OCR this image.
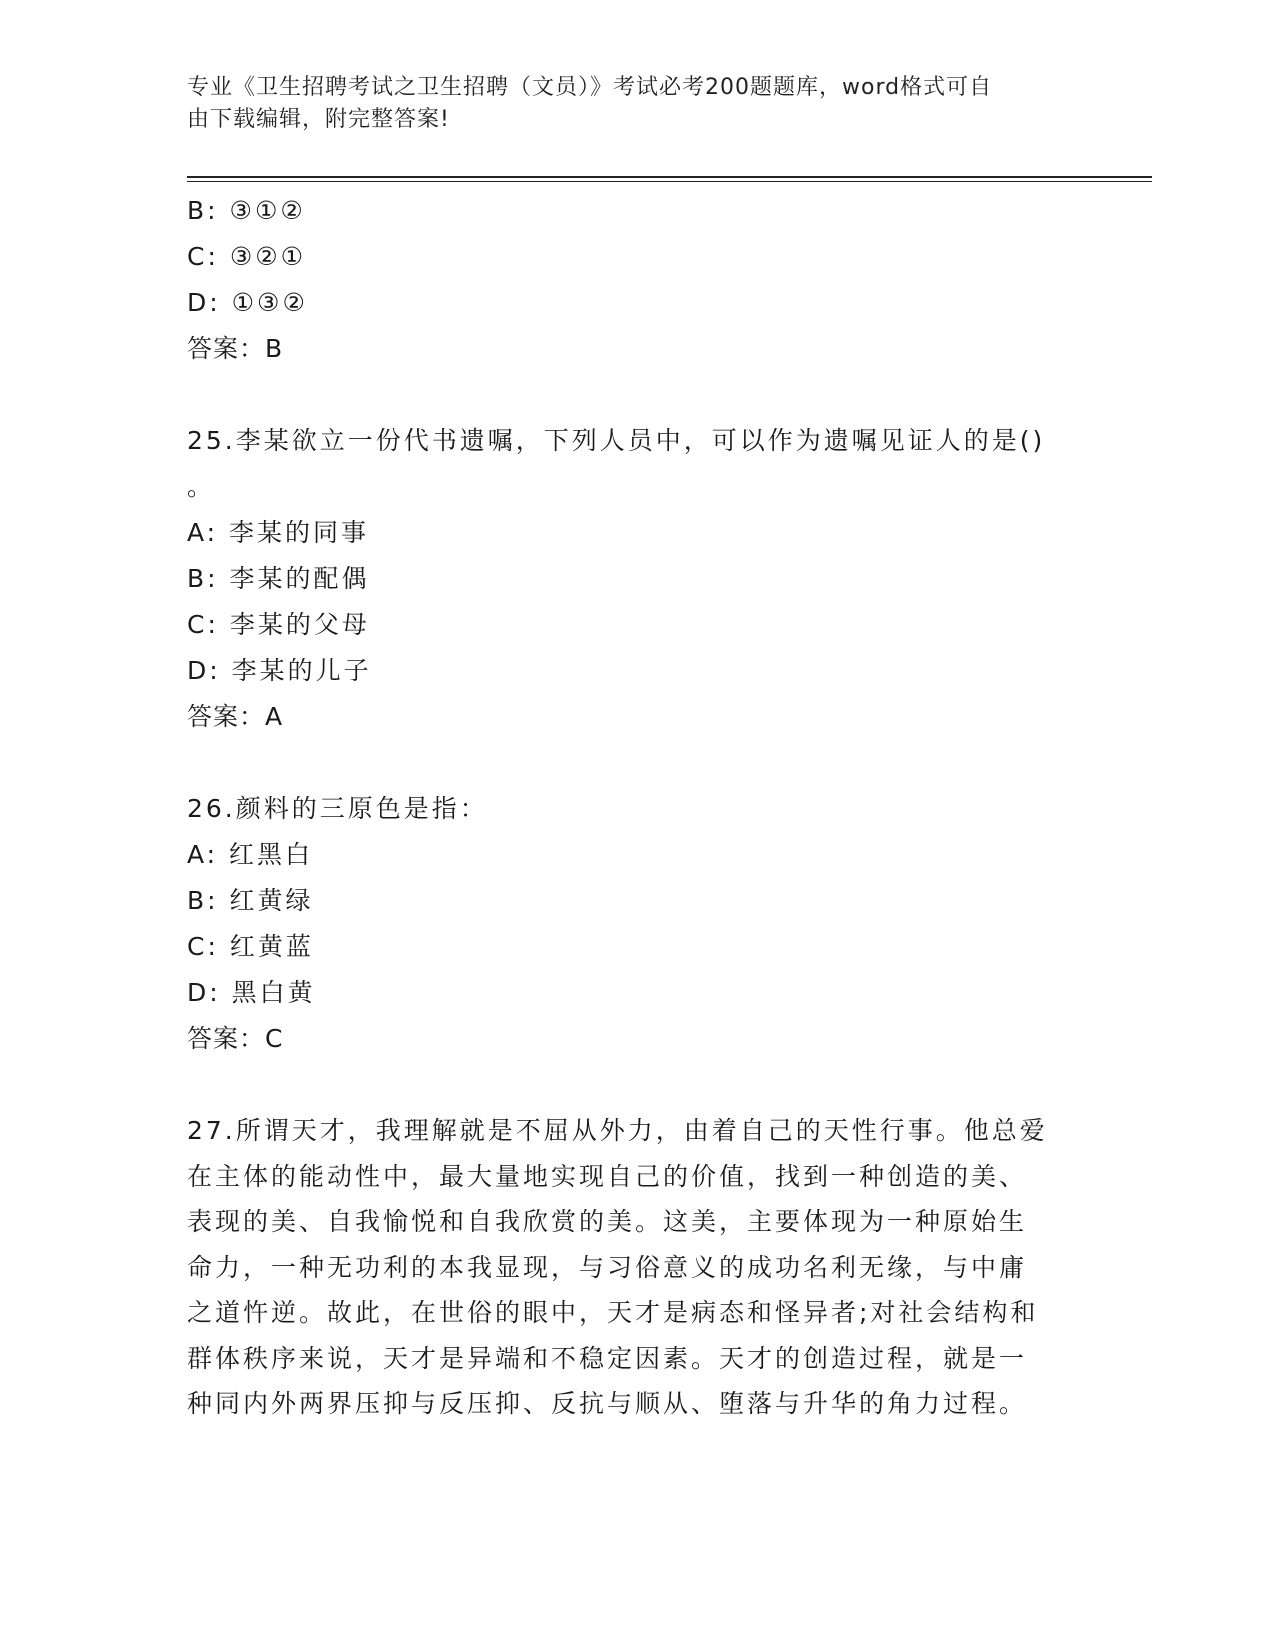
专业《卫生招聘考试之卫生招聘（文员）》考试必考200题题库，word格式可自
由下载编辑，附完整答案!
B: ③①②
C: ③②①
D: ①③②
答案：B
25.李某欲立一份代书遗嘱，下列人员中，可以作为遗嘱见证人的是()
。
A: 李某的同事
B: 李某的配偶
C: 李某的父母
D: 李某的儿子
答案：A
26.颜料的三原色是指：
A: 红黑白
B: 红黄绿
C: 红黄蓝
D: 黑白黄
答案：C
27.所谓天才，我理解就是不屈从外力，由着自己的天性行事。他总爱
在主体的能动性中，最大量地实现自己的价值，找到一种创造的美、
表现的美、自我愉悦和自我欣赏的美。这美，主要体现为一种原始生
命力，一种无功利的本我显现，与习俗意义的成功名利无缘，与中庸
之道忤逆。故此，在世俗的眼中，天才是病态和怪异者;对社会结构和
群体秩序来说，天才是异端和不稳定因素。天才的创造过程，就是一
种同内外两界压抑与反压抑、反抗与顺从、堕落与升华的角力过程。
